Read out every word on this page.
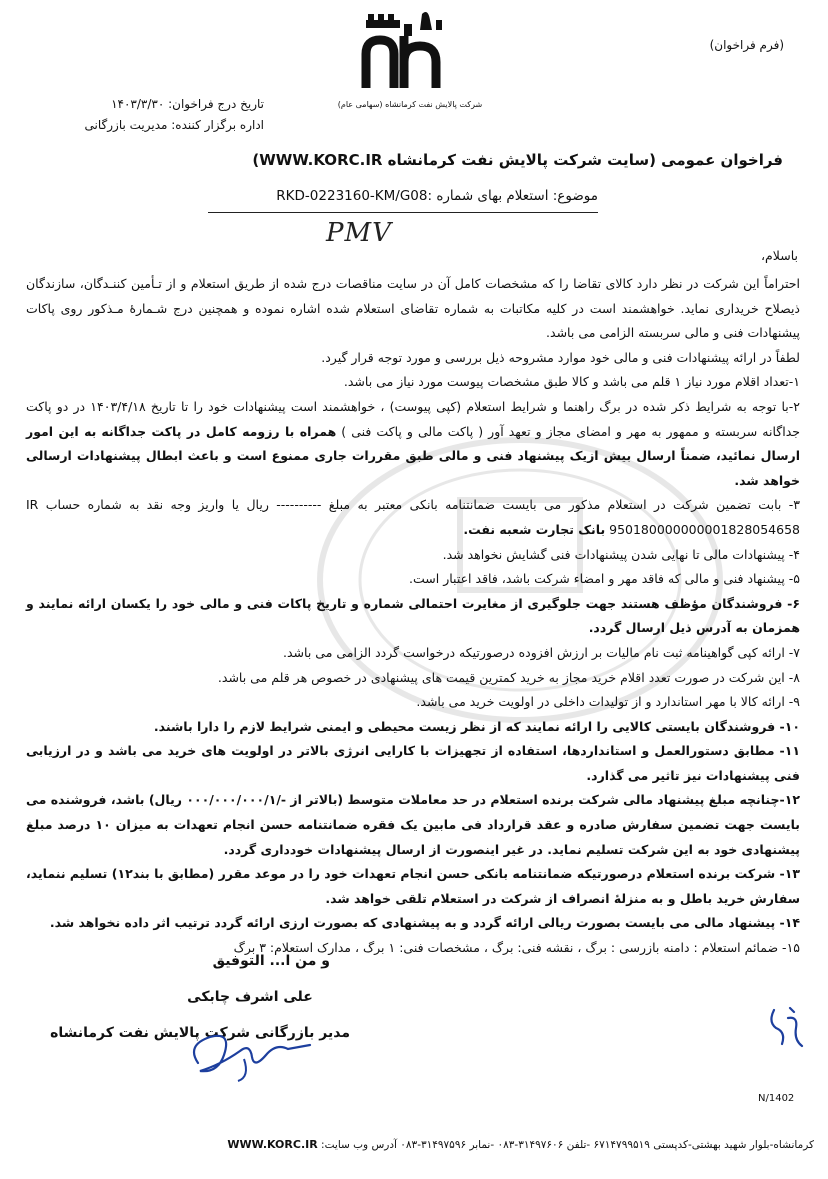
(فرم فراخوان)
شرکت پالایش نفت کرمانشاه (سهامی عام)
تاریخ درج فراخوان: ۱۴۰۳/۳/۳۰
اداره برگزار کننده: مدیریت بازرگانی
فراخوان عمومی (سایت شرکت پالایش نفت کرمانشاه WWW.KORC.IR)
موضوع: استعلام بهای شماره :RKD-0223160-KM/G08
PMV
باسلام،

احتراماً این شرکت در نظر دارد کالای تقاضا را که مشخصات کامل آن در سایت مناقصات درج شده از طریق استعلام و از تـأمین کننـدگان، سازندگان ذیصلاح خریداری نماید. خواهشمند است در کلیه مکاتبات به شماره تقاضای استعلام شده اشاره نموده و همچنین درج شـمارهٔ مـذکور روی پاکات پیشنهادات فنی و مالی سربسته الزامی می باشد.

لطفاً در ارائه پیشنهادات فنی و مالی خود موارد مشروحه ذیل بررسی و مورد توجه قرار گیرد.

۱-تعداد اقلام مورد نیاز ۱ قلم می باشد و کالا طبق مشخصات پیوست مورد نیاز می باشد.

۲-با توجه به شرایط ذکر شده در برگ راهنما و شرایط استعلام (کپی پیوست) ، خواهشمند است پیشنهادات خود را تا تاریخ ۱۴۰۳/۴/۱۸ در دو پاکت جداگانه سربسته و ممهور به مهر و امضای مجاز و تعهد آور ( پاکت مالی و پاکت فنی ) همراه با رزومه کامل در پاکت جداگانه به این امور ارسال نمائید، ضمناً ارسال بیش ازیک پیشنهاد فنی و مالی طبق مقررات جاری ممنوع است و باعث ابطال پیشنهادات ارسالی خواهد شد.

۳- بابت تضمین شرکت در استعلام مذکور می بایست ضمانتنامه بانکی معتبر به مبلغ ---------- ریال یا واریز وجه نقد به شماره حساب IR 950180000000001828054658 بانک تجارت شعبه نفت.

۴- پیشنهادات مالی تا نهایی شدن پیشنهادات فنی گشایش نخواهد شد.

۵- پیشنهاد فنی و مالی که فاقد مهر و امضاء شرکت باشد، فاقد اعتبار است.

۶- فروشندگان مؤظف هستند جهت جلوگیری از مغایرت احتمالی شماره و تاریخ پاکات فنی و مالی خود را یکسان ارائه نمایند و همزمان به آدرس ذیل ارسال گردد.

۷- ارائه کپی گواهینامه ثبت نام مالیات بر ارزش افزوده درصورتیکه درخواست گردد الزامی می باشد.

۸- این شرکت در صورت تعدد اقلام خرید مجاز به خرید کمترین قیمت های پیشنهادی در خصوص هر قلم می باشد.

۹- ارائه کالا با مهر استاندارد و از تولیدات داخلی در اولویت خرید می باشد.

۱۰- فروشندگان بایستی کالایی را ارائه نمایند که از نظر زیست محیطی و ایمنی شرایط لازم را دارا باشند.

۱۱- مطابق دستورالعمل و استانداردها، استفاده از تجهیزات با کارایی انرژی بالاتر در اولویت های خرید می باشد و در ارزیابی فنی پیشنهادات نیز تاثیر می گذارد.

۱۲-چنانچه مبلغ پیشنهاد مالی شرکت برنده استعلام در حد معاملات متوسط (بالاتر از -/۰۰۰/۰۰۰/۰۰۰/۱ ریال) باشد، فروشنده می بایست جهت تضمین سفارش صادره و عقد قرارداد فی مابین یک فقره ضمانتنامه حسن انجام تعهدات به میزان ۱۰ درصد مبلغ پیشنهادی خود به این شرکت تسلیم نماید. در غیر اینصورت از ارسال پیشنهادات خودداری گردد.

۱۳- شرکت برنده استعلام درصورتیکه ضمانتنامه بانکی حسن انجام تعهدات خود را در موعد مقرر (مطابق با بند۱۲) تسلیم ننماید، سفارش خرید باطل و به منزلهٔ انصراف از شرکت در استعلام تلقی خواهد شد.

۱۴- پیشنهاد مالی می بایست بصورت ریالی ارائه گردد و به پیشنهادی که بصورت ارزی ارائه گردد ترتیب اثر داده نخواهد شد.

۱۵- ضمائم استعلام : دامنه بازرسی : برگ ، نقشه فنی: برگ ، مشخصات فنی: ۱ برگ ، مدارک استعلام: ۳ برگ

و من ا... التوفیق
علی اشرف چابکی
مدیر بازرگانی شرکت پالایش نفت کرمانشاه
N/1402
کرمانشاه-بلوار شهید بهشتی-کدپستی ۶۷۱۴۷۹۹۵۱۹ -تلفن ۳۱۴۹۷۶۰۶-۰۸۳ -نمابر ۳۱۴۹۷۵۹۶-۰۸۳ آدرس وب سایت: WWW.KORC.IR
